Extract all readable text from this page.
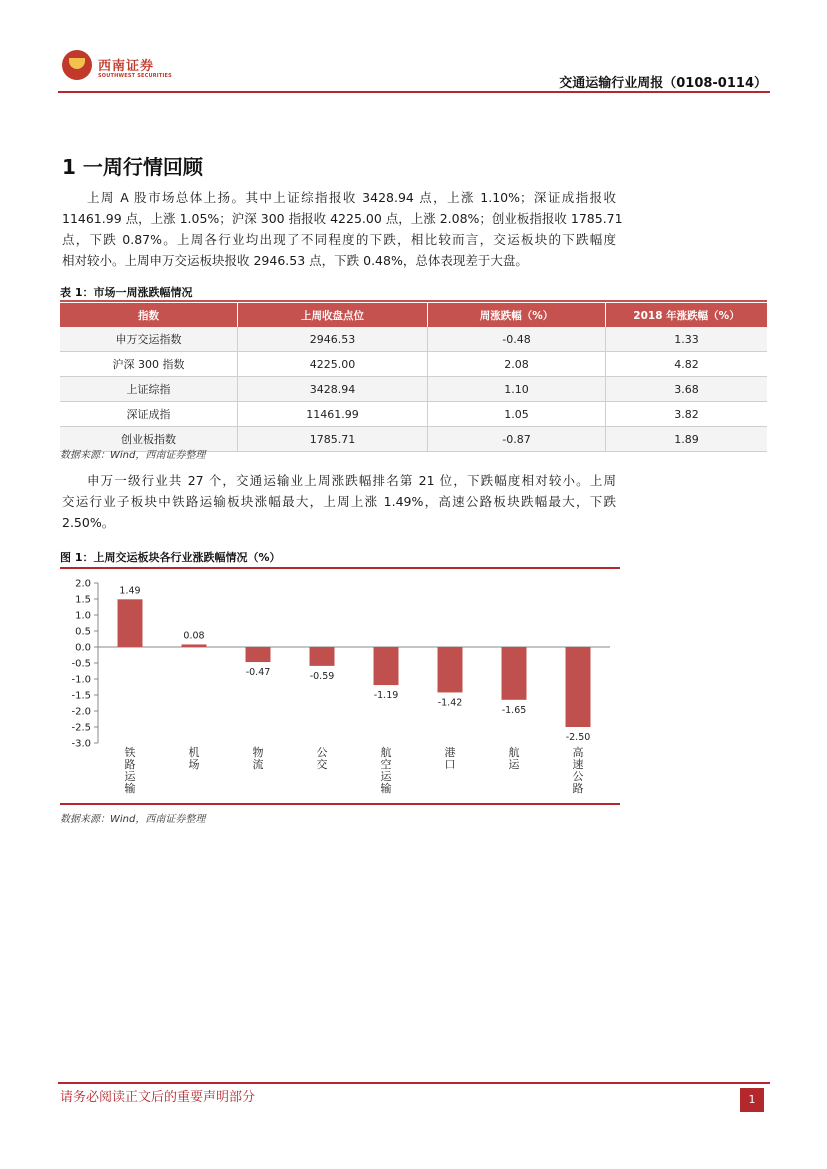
西南证券
SOUTHWEST SECURITIES	交通运输行业周报（0108-0114）
1 一周行情回顾
上周 A 股市场总体上扬。其中上证综指报收 3428.94 点，上涨 1.10%；深证成指报收
11461.99 点，上涨 1.05%；沪深 300 指报收 4225.00 点，上涨 2.08%；创业板指报收 1785.71
点，下跌 0.87%。上周各行业均出现了不同程度的下跌，相比较而言，交运板块的下跌幅度
相对较小。上周申万交运板块报收 2946.53 点，下跌 0.48%，总体表现差于大盘。
表 1：市场一周涨跌幅情况
指数	上周收盘点位	周涨跌幅（%）	2018 年涨跌幅（%）
申万交运指数	2946.53	-0.48	1.33
沪深 300 指数	4225.00	2.08	4.82
上证综指	3428.94	1.10	3.68
深证成指	11461.99	1.05	3.82
创业板指数	1785.71	-0.87	1.89
数据来源：Wind，西南证券整理
申万一级行业共 27 个，交通运输业上周涨跌幅排名第 21 位，下跌幅度相对较小。上周
交运行业子板块中铁路运输板块涨幅最大，上周上涨 1.49%，高速公路板块跌幅最大，下跌
2.50%。
图 1：上周交运板块各行业涨跌幅情况（%）
2.0
1.5
1.0
0.5
0.0
-0.5
-1.0
-1.5
-2.0
-2.5
-3.0
1.49
铁路运输
0.08
机场
-0.47
物流
-0.59
公交
-1.19
航空运输
-1.42
港口
-1.65
航运
-2.50
高速公路
数据来源：Wind，西南证券整理
请务必阅读正文后的重要声明部分	1
